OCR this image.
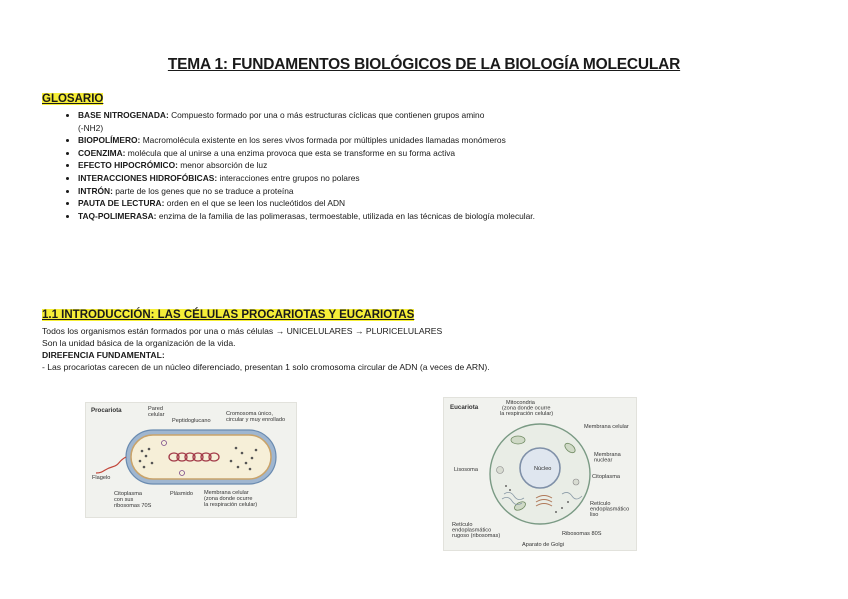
TEMA 1: FUNDAMENTOS BIOLÓGICOS DE LA BIOLOGÍA MOLECULAR
GLOSARIO
• BASE NITROGENADA: Compuesto formado por una o más estructuras cíclicas que contienen grupos amino
(-NH2)
• BIOPOLÍMERO: Macromolécula existente en los seres vivos formada por múltiples unidades llamadas monómeros
• COENZIMA: molécula que al unirse a una enzima provoca que esta se transforme en su forma activa
• EFECTO HIPOCRÓMICO: menor absorción de luz
• INTERACCIONES HIDROFÓBICAS: interacciones entre grupos no polares
• INTRÓN: parte de los genes que no se traduce a proteína
• PAUTA DE LECTURA: orden en el que se leen los nucleótidos del ADN
• TAQ-POLIMERASA: enzima de la familia de las polimerasas, termoestable, utilizada en las técnicas de biología molecular.
1.1 INTRODUCCIÓN: LAS CÉLULAS PROCARIOTAS Y EUCARIOTAS
Todos los organismos están formados por una o más células → UNICELULARES → PLURICELULARES
Son la unidad básica de la organización de la vida.
DIREFENCIA FUNDAMENTAL:
- Las procariotas carecen de un núcleo diferenciado, presentan 1 solo cromosoma circular de ADN (a veces de ARN).
Procariota	Pared celular
Peptidoglucano
Cromosoma único, circular y muy enrollado
Flagelo
Citoplasma con sus ribosomas 70S
Plásmido Membrana celular (zona donde ocurre la respiración celular)
Eucariota
Mitocondria (zona donde ocurre la respiración celular)
Membrana celular
Membrana nuclear
Lisosoma
Citoplasma
Retículo endoplasmático liso
Retículo endoplasmático rugoso (ribosomas)	Ribosomas 80S
Aparato de Golgi
Núcleo
